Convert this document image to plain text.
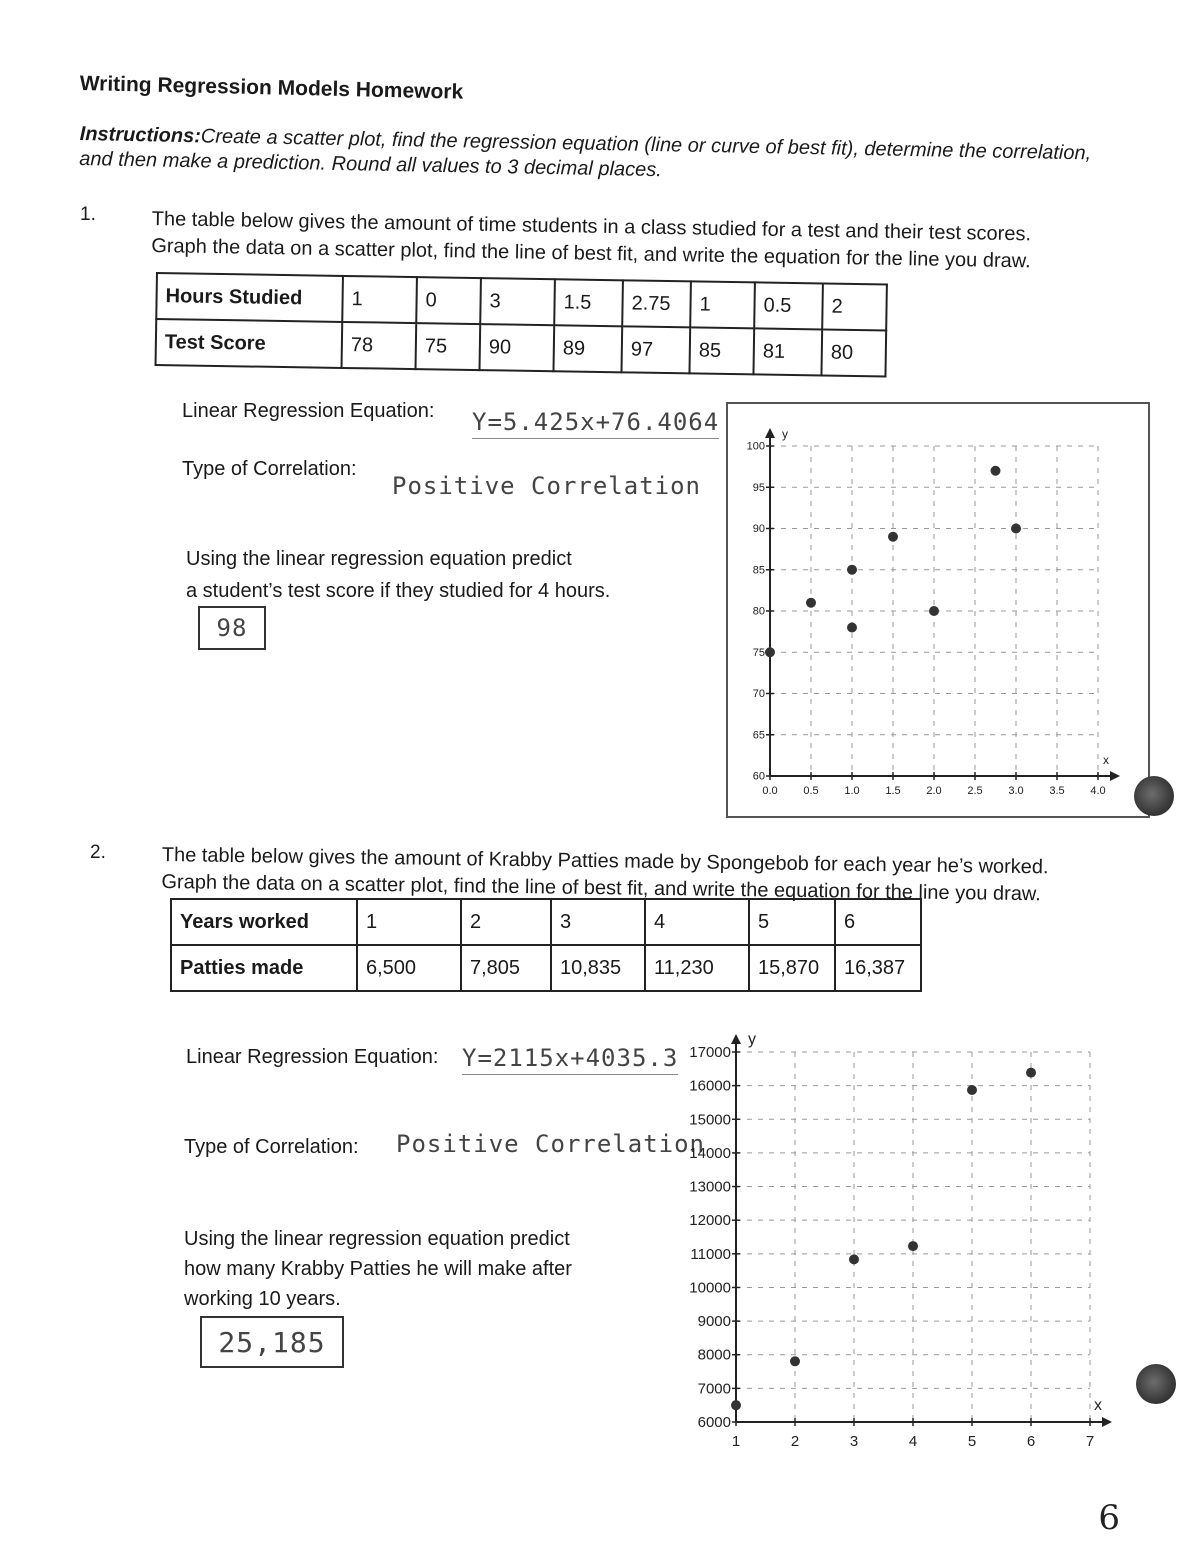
Writing Regression Models Homework
Instructions:Create a scatter plot, find the regression equation (line or curve of best fit), determine the correlation, and then make a prediction. Round all values to 3 decimal places.
1.	The table below gives the amount of time students in a class studied for a test and their test scores.
Graph the data on a scatter plot, find the line of best fit, and write the equation for the line you draw.
Hours Studied	1	0	3	1.5	2.75	1	0.5	2
Test Score	78	75	90	89	97	85	81	80
Linear Regression Equation: Y=5.425x+76.4064
Type of Correlation:
Positive Correlation
Using the linear regression equation predict
a student’s test score if they studied for 4 hours.
98
0.0 0.5 1.0 1.5 2.0 2.5 3.0 3.5 4.0
60
65
70
75
80
85
90
95
100
x
y
2.	The table below gives the amount of Krabby Patties made by Spongebob for each year he’s worked.
Graph the data on a scatter plot, find the line of best fit, and write the equation for the line you draw.
Years worked	1	2	3	4	5	6
Patties made	6,500	7,805	10,835	11,230	15,870	16,387
Linear Regression Equation: Y=2115x+4035.3
Type of Correlation: Positive Correlation
Using the linear regression equation predict
how many Krabby Patties he will make after
working 10 years.
25,185
1	2	3	4	5	6	7
6000
7000
8000
9000
10000
11000
12000
13000
14000
15000
16000
17000
x
y
6
